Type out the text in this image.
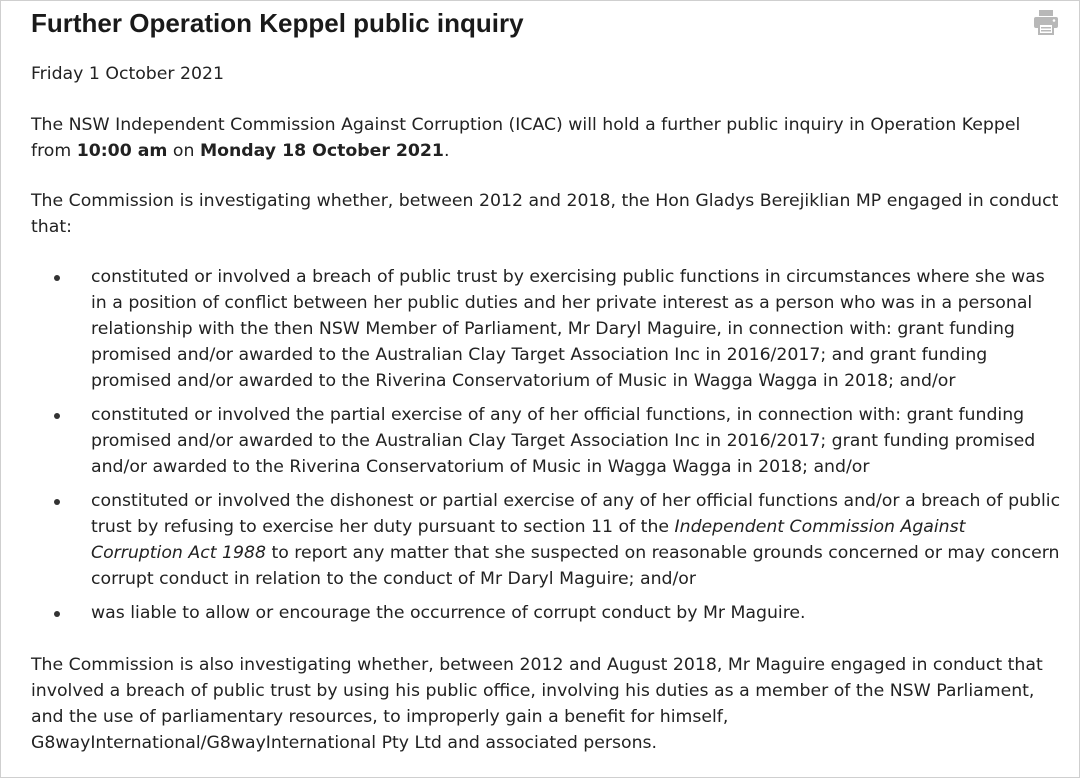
Further Operation Keppel public inquiry

Friday 1 October 2021

The NSW Independent Commission Against Corruption (ICAC) will hold a further public inquiry in Operation Keppel from 10:00 am on Monday 18 October 2021.

The Commission is investigating whether, between 2012 and 2018, the Hon Gladys Berejiklian MP engaged in conduct that:

constituted or involved a breach of public trust by exercising public functions in circumstances where she was in a position of conflict between her public duties and her private interest as a person who was in a personal relationship with the then NSW Member of Parliament, Mr Daryl Maguire, in connection with: grant funding promised and/or awarded to the Australian Clay Target Association Inc in 2016/2017; and grant funding promised and/or awarded to the Riverina Conservatorium of Music in Wagga Wagga in 2018; and/or
constituted or involved the partial exercise of any of her official functions, in connection with: grant funding promised and/or awarded to the Australian Clay Target Association Inc in 2016/2017; grant funding promised and/or awarded to the Riverina Conservatorium of Music in Wagga Wagga in 2018; and/or
constituted or involved the dishonest or partial exercise of any of her official functions and/or a breach of public trust by refusing to exercise her duty pursuant to section 11 of the Independent Commission Against Corruption Act 1988 to report any matter that she suspected on reasonable grounds concerned or may concern corrupt conduct in relation to the conduct of Mr Daryl Maguire; and/or
was liable to allow or encourage the occurrence of corrupt conduct by Mr Maguire.

The Commission is also investigating whether, between 2012 and August 2018, Mr Maguire engaged in conduct that involved a breach of public trust by using his public office, involving his duties as a member of the NSW Parliament, and the use of parliamentary resources, to improperly gain a benefit for himself, G8wayInternational/G8wayInternational Pty Ltd and associated persons.
